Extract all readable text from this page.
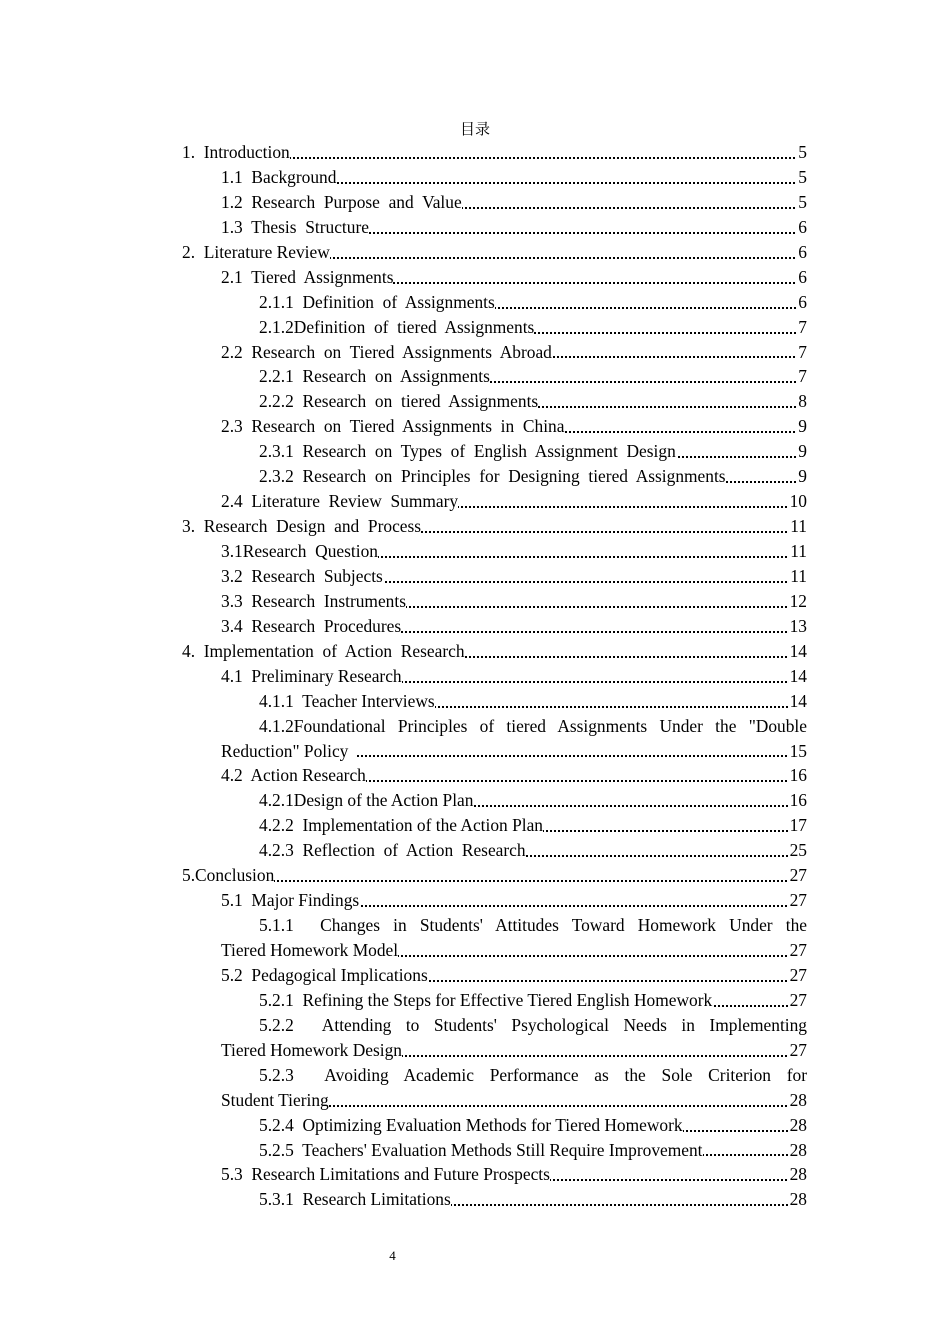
目录
1.  Introduction	5
1.1  Background	5
1.2  Research  Purpose  and  Value	5
1.3  Thesis  Structure	6
2.  Literature Review	6
2.1  Tiered  Assignments	6
2.1.1  Definition  of  Assignments	6
2.1.2Definition  of  tiered  Assignments	7
2.2  Research  on  Tiered  Assignments  Abroad	7
2.2.1  Research  on  Assignments	7
2.2.2  Research  on  tiered  Assignments	8
2.3  Research  on  Tiered  Assignments  in  China	9
2.3.1  Research  on  Types  of  English  Assignment  Design	9
2.3.2  Research  on  Principles  for  Designing  tiered  Assignments	9
2.4  Literature  Review  Summary	10
3.  Research  Design  and  Process	11
3.1Research  Question	11
3.2  Research  Subjects	11
3.3  Research  Instruments	12
3.4  Research  Procedures	13
4.  Implementation  of  Action  Research	14
4.1  Preliminary Research	14
4.1.1  Teacher Interviews	14
4.1.2Foundational Principles of tiered Assignments Under the "Double
Reduction" Policy	15
4.2  Action Research	16
4.2.1Design of the Action Plan	16
4.2.2  Implementation of the Action Plan	17
4.2.3  Reflection  of  Action  Research	25
5.Conclusion	27
5.1  Major Findings	27
5.1.1  Changes in Students' Attitudes Toward Homework Under the
Tiered Homework Model	27
5.2  Pedagogical Implications	27
5.2.1  Refining the Steps for Effective Tiered English Homework	27
5.2.2  Attending to Students' Psychological Needs in Implementing
Tiered Homework Design	27
5.2.3  Avoiding Academic Performance as the Sole Criterion for
Student Tiering	28
5.2.4  Optimizing Evaluation Methods for Tiered Homework	28
5.2.5  Teachers' Evaluation Methods Still Require Improvement	28
5.3  Research Limitations and Future Prospects	28
5.3.1  Research Limitations	28
4
